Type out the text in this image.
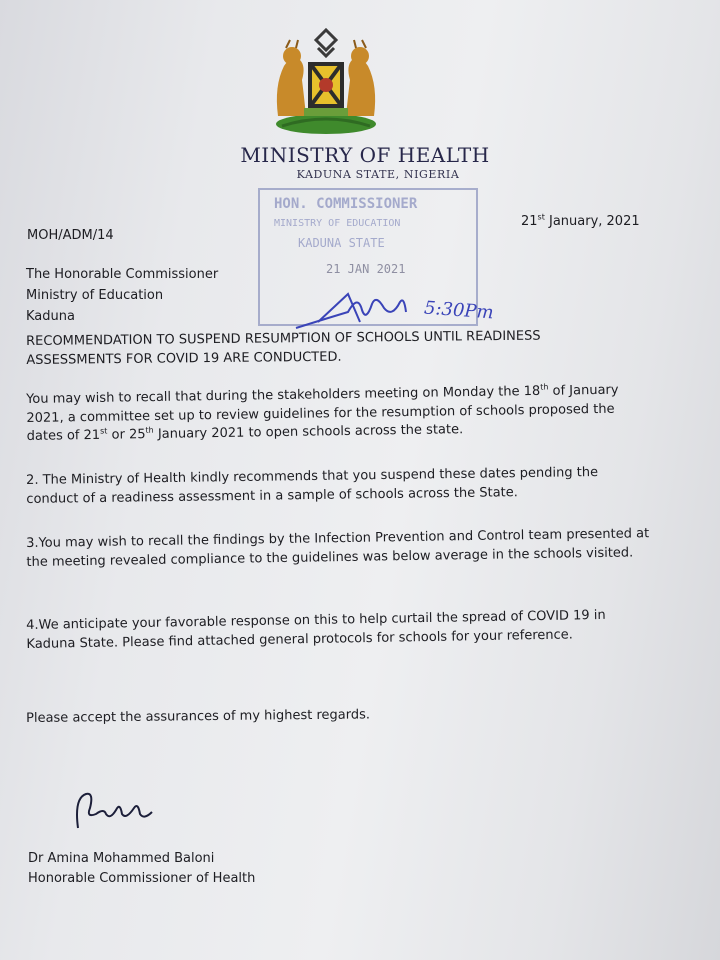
MINISTRY OF HEALTH
KADUNA STATE, NIGERIA
HON. COMMISSIONER
MINISTRY OF EDUCATION
KADUNA STATE
21 JAN 2021
5:30Pm
MOH/ADM/14
21st January, 2021
The Honorable Commissioner
Ministry of Education
Kaduna
RECOMMENDATION TO SUSPEND RESUMPTION OF SCHOOLS UNTIL READINESS ASSESSMENTS FOR COVID 19 ARE CONDUCTED.
You may wish to recall that during the stakeholders meeting on Monday the 18th of January 2021, a committee set up to review guidelines for the resumption of schools proposed the dates of 21st or 25th January 2021 to open schools across the state.
2. The Ministry of Health kindly recommends that you suspend these dates pending the conduct of a readiness assessment in a sample of schools across the State.
3.You may wish to recall the findings by the Infection Prevention and Control team presented at the meeting revealed compliance to the guidelines was below average in the schools visited.
4.We anticipate your favorable response on this to help curtail the spread of COVID 19 in Kaduna State. Please find attached general protocols for schools for your reference.
Please accept the assurances of my highest regards.
Dr Amina Mohammed Baloni
Honorable Commissioner of Health
